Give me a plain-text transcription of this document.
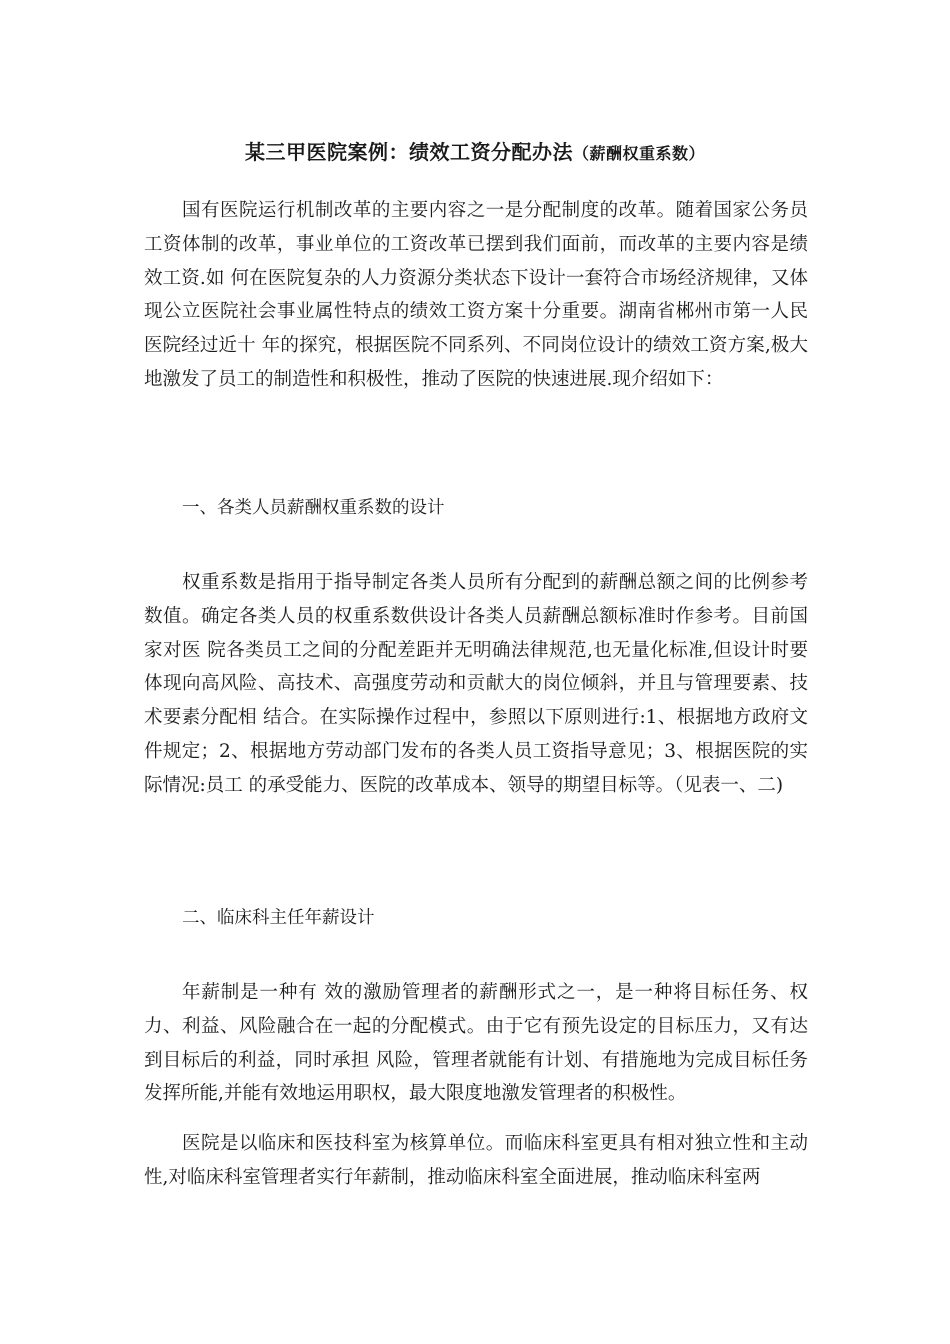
某三甲医院案例：绩效工资分配办法（薪酬权重系数）

国有医院运行机制改革的主要内容之一是分配制度的改革。随着国家公务员工资体制的改革，事业单位的工资改革已摆到我们面前，而改革的主要内容是绩效工资.如 何在医院复杂的人力资源分类状态下设计一套符合市场经济规律，又体现公立医院社会事业属性特点的绩效工资方案十分重要。湖南省郴州市第一人民医院经过近十 年的探究，根据医院不同系列、不同岗位设计的绩效工资方案,极大地激发了员工的制造性和积极性，推动了医院的快速进展.现介绍如下：

一、各类人员薪酬权重系数的设计

权重系数是指用于指导制定各类人员所有分配到的薪酬总额之间的比例参考数值。确定各类人员的权重系数供设计各类人员薪酬总额标准时作参考。目前国家对医 院各类员工之间的分配差距并无明确法律规范,也无量化标准,但设计时要体现向高风险、高技术、高强度劳动和贡献大的岗位倾斜，并且与管理要素、技术要素分配相 结合。在实际操作过程中，参照以下原则进行:1、根据地方政府文件规定；2、根据地方劳动部门发布的各类人员工资指导意见；3、根据医院的实际情况:员工 的承受能力、医院的改革成本、领导的期望目标等。（见表一、二)

二、临床科主任年薪设计

年薪制是一种有 效的激励管理者的薪酬形式之一，是一种将目标任务、权力、利益、风险融合在一起的分配模式。由于它有预先设定的目标压力，又有达到目标后的利益，同时承担 风险，管理者就能有计划、有措施地为完成目标任务发挥所能,并能有效地运用职权，最大限度地激发管理者的积极性。

医院是以临床和医技科室为核算单位。而临床科室更具有相对独立性和主动性,对临床科室管理者实行年薪制，推动临床科室全面进展，推动临床科室两
